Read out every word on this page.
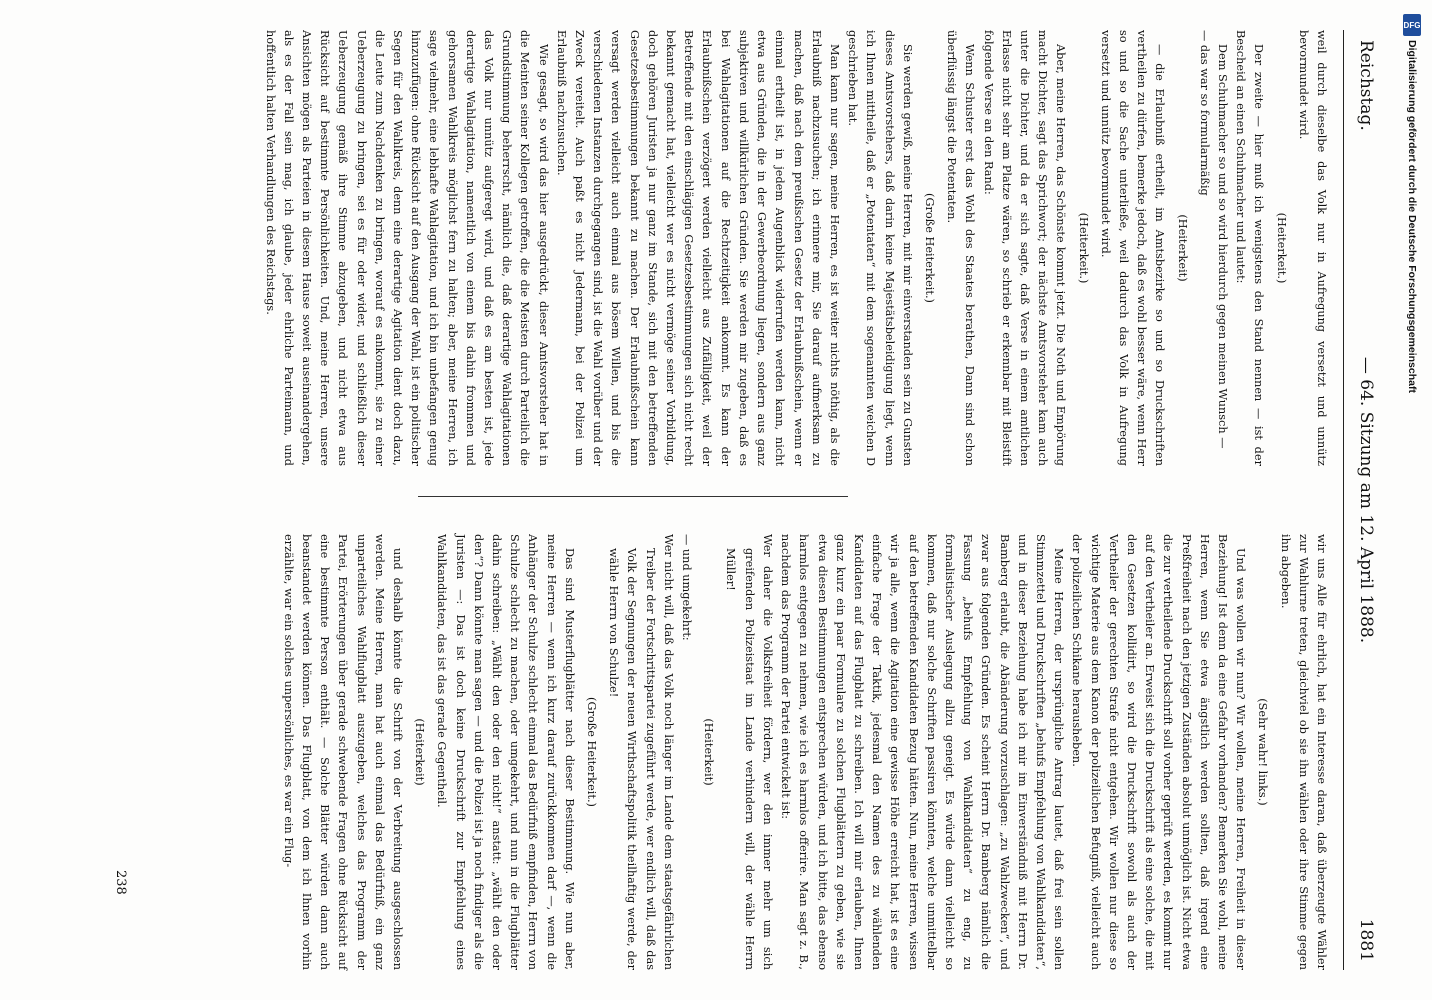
Reichstag.
— 64. Sitzung am 12. April 1888.
1881

weil durch dieselbe das Volk nur in Aufregung versetzt und unnütz bevormundet wird.

(Heiterkeit.)

Der zweite — hier muß ich wenigstens den Stand nennen — ist der Bescheid an einen Schuhmacher und lautet:

Dem Schuhmacher so und so wird hierdurch gegen meinen Wunsch —

— das war so formularmäßig

(Heiterkeit)

— die Erlaubniß ertheilt, im Amtsbezirke so und so Druckschriften vertheilen zu dürfen, bemerke jedoch, daß es wohl besser wäre, wenn Herr so und so die Sache unterließe, weil dadurch das Volk in Aufregung versetzt und unnütz bevormundet wird.

(Heiterkeit.)

Aber, meine Herren, das Schönste kommt jetzt. Die Noth und Empörung macht Dichter, sagt das Sprichwort; der nächste Amtsvorsteher kam auch unter die Dichter, und da er sich sagte, daß Verse in einem amtlichen Erlasse nicht sehr am Platze wären, so schrieb er erkennbar mit Bleistift folgende Verse an den Rand:

Wenn Schuster erst das Wohl des Staates berathen, Dann sind schon überflüssig längst die Potentaten.

(Große Heiterkeit.)

Sie werden gewiß, meine Herren, mit mir einverstanden sein zu Gunsten dieses Amtsvorstehers, daß darin keine Majestätsbeleidigung liegt, wenn ich Ihnen mittheile, daß er „Potentaten“ mit dem sogenannten weichen D geschrieben hat.

Man kann nur sagen, meine Herren, es ist weiter nichts nöthig, als die Erlaubniß nachzusuchen; ich erinnere mir, Sie darauf aufmerksam zu machen, daß nach dem preußischen Gesetz der Erlaubnißschein, wenn er einmal ertheilt ist, in jedem Augenblick widerrufen werden kann, nicht etwa aus Gründen, die in der Gewerbeordnung liegen, sondern aus ganz subjektiven und willkürlichen Gründen. Sie werden mir zugeben, daß es bei Wahlagitationen auf die Rechtzeitigkeit ankommt. Es kann der Erlaubnißschein verzögert werden vielleicht aus Zufälligkeit, weil der Betreffende mit den einschlägigen Gesetzesbestimmungen sich nicht recht bekannt gemacht hat, vielleicht wer es nicht vermöge seiner Vorbildung, doch gehören Juristen ja nur ganz im Stande, sich mit den betreffenden Gesetzesbestimmungen bekannt zu machen. Der Erlaubnißschein kann versagt werden vielleicht auch einmal aus bösem Willen, und bis die verschiedenen Instanzen durchgegangen sind, ist die Wahl vorüber und der Zweck vereitelt. Auch paßt es nicht Jedermann, bei der Polizei um Erlaubniß nachzusuchen.

Wie gesagt, so wird das hier ausgedrückt, dieser Amtsvorsteher hat in die Meinten seiner Kollegen getroffen, die die Meisten durch Parteilich die Grundstimmung beherrscht, nämlich die, daß derartige Wahlagitationen das Volk nur unnütz aufgeregt wird, und daß es am besten ist, jede derartige Wahlagitation, namentlich von einem bis dahin frommen und gehorsamen Wahlkreis möglichst fern zu halten; aber, meine Herren, ich sage vielmehr, eine lebhafte Wahlagitation, und ich bin unbefangen genug hinzuzufügen: ohne Rücksicht auf den Ausgang der Wahl, ist ein politischer Segen für den Wahlkreis, denn eine derartige Agitation dient doch dazu, die Leute zum Nachdenken zu bringen, worauf es ankommt, sie zu einer Ueberzeugung zu bringen, sei es für oder wider, und schließlich dieser Ueberzeugung gemäß ihre Stimme abzugeben, und nicht etwa aus Rücksicht auf bestimmte Persönlichkeiten. Und, meine Herren, unsere Ansichten mögen als Parteien in diesem Hause soweit auseinandergehen, als es der Fall sein mag, ich glaube, jeder ehrliche Parteimann, und hoffentlich halten Verhandlungen des Reichstags.

wir uns Alle für ehrlich, hat ein Interesse daran, daß überzeugte Wähler zur Wahlurne treten, gleichviel ob sie ihn wählen oder ihre Stimme gegen ihn abgeben.

(Sehr wahr! links.)

Und was wollen wir nun? Wir wollen, meine Herren, Freiheit in dieser Beziehung! Ist denn da eine Gefahr vorhanden? Bemerken Sie wohl, meine Herren, wenn Sie etwa ängstlich werden sollten, daß irgend eine Preßfreiheit nach den jetzigen Zuständen absolut unmöglich ist. Nicht etwa die zur vertheilende Druckschrift soll vorher geprüft werden, es kommt nur auf den Vertheiler an. Erweist sich die Druckschrift als eine solche, die mit den Gesetzen kollidirt, so wird die Druckschrift sowohl als auch der Vertheiler der gerechten Strafe nicht entgehen. Wir wollen nur diese so wichtige Materie aus dem Kanon der polizeilichen Befugniß, vielleicht auch der polizeilichen Schikane herausheben.

Meine Herren, der ursprüngliche Antrag lautet, daß frei sein sollen Stimmzettel und Druckschriften „behufs Empfehlung von Wahlkandidaten“, und in dieser Beziehung habe ich mir im Einverständniß mit Herrn Dr. Bamberg erlaubt, die Abänderung vorzuschlagen: „zu Wahlzwecken“, und zwar aus folgenden Gründen. Es scheint Herrn Dr. Bamberg nämlich die Fassung „behufs Empfehlung von Wahlkandidaten“ zu eng, zu formalistischer Auslegung allzu geneigt. Es würde dann vielleicht so kommen, daß nur solche Schriften passiren könnten, welche unmittelbar auf den betreffenden Kandidaten Bezug hätten. Nun, meine Herren, wissen wir ja alle, wenn die Agitation eine gewisse Höhe erreicht hat, ist es eine einfache Frage der Taktik, jedesmal den Namen des zu wählenden Kandidaten auf das Flugblatt zu schreiben. Ich will mir erlauben, Ihnen ganz kurz ein paar Formulare zu solchen Flugblättern zu geben, wie sie etwa diesen Bestimmungen entsprechen würden, und ich bitte, das ebenso harmlos entgegen zu nehmen, wie ich es harmlos offerire. Man sagt z. B., nachdem das Programm der Partei entwickelt ist:

Wer daher die Volksfreiheit fördern, wer den immer mehr um sich greifenden Polizeistaat im Lande verhindern will, der wähle Herrn Müller!

(Heiterkeit)

— und umgekehrt:

Wer nicht will, daß das Volk noch länger im Lande dem staatsgefährlichen Treiber der Fortschrittspartei zugeführt werde, wer endlich will, daß das Volk der Segnungen der neuen Wirthschaftspolitik theilhaftig werde, der wähle Herrn von Schulze!

(Große Heiterkeit.)

Das sind Musterflugblätter nach dieser Bestimmung. Wie nun aber, meine Herren — wenn ich kurz darauf zurückkommen darf —, wenn die Anhänger der Schulze schlecht einmal das Bedürfniß empfinden, Herrn von Schulze schlecht zu machen, oder umgekehrt, und nun in die Flugblätter dahin schreiben: „Wählt den oder den nicht!“ anstatt: „wählt den oder den“? Dann könnte man sagen — und die Polizei ist ja noch findiger als die Juristen —: Das ist doch keine Druckschrift zur Empfehlung eines Wahlkandidaten, das ist das gerade Gegentheil.

(Heiterkeit)

und deshalb könnte die Schrift von der Verbreitung ausgeschlossen werden. Meine Herren, man hat auch einmal das Bedürfniß, ein ganz unparteiliches Wahlflugblatt auszugeben, welches das Programm der Partei, Erörterungen über gerade schwebende Fragen ohne Rücksicht auf eine bestimmte Person enthält. — Solche Blätter würden dann auch beanstandet werden können. Das Flugblatt, von dem ich Ihnen vorhin erzählte, war ein solches unpersönliches, es war ein Flug-

238
DFG
Digitalisierung gefördert durch die Deutsche Forschungsgemeinschaft
